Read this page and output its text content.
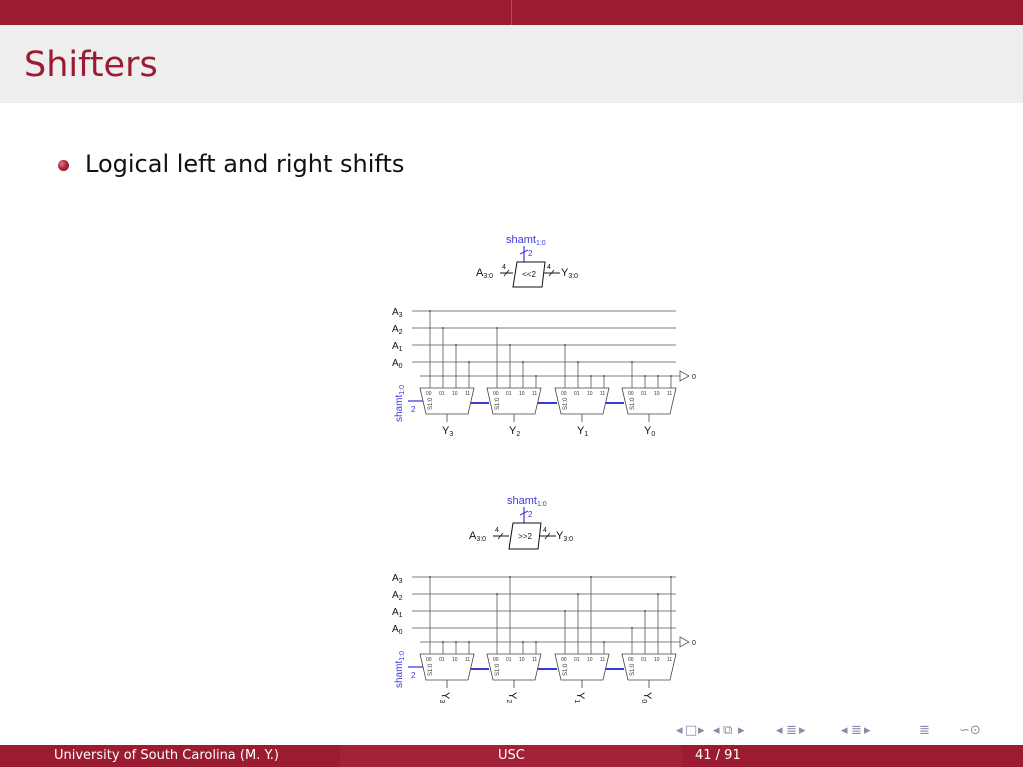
Shifters
Logical left and right shifts
shamt1:0
2
A3:0
4
<<2
4 Y3:0
$A_3$
$A_2$
$A_1$
$A_0$
0
shamt$_{1:0}$
2
00 01 10 11
S1:0
Y3
00 01 10 11
S1:0
Y2
00 01 10 11
S1:0
Y1
00 01 10 11
S1:0
Y0
shamt1:0
2
A3:0
4
>>2
4 Y3:0
$A_3$
$A_2$
$A_1$
$A_0$
0
shamt$_{1:0}$
2
00 01 10 11
S1:0
Y3
00 01 10 11
S1:0
Y2
00 01 10 11
S1:0
Y1
00 01 10 11
S1:0
Y0
◂ □ ▸ ◂ ⧉ ▸ ◂ ≣ ▸	◂ ≣ ▸	≣ ∽⊙
University of South Carolina (M. Y.)	USC	41 / 91
